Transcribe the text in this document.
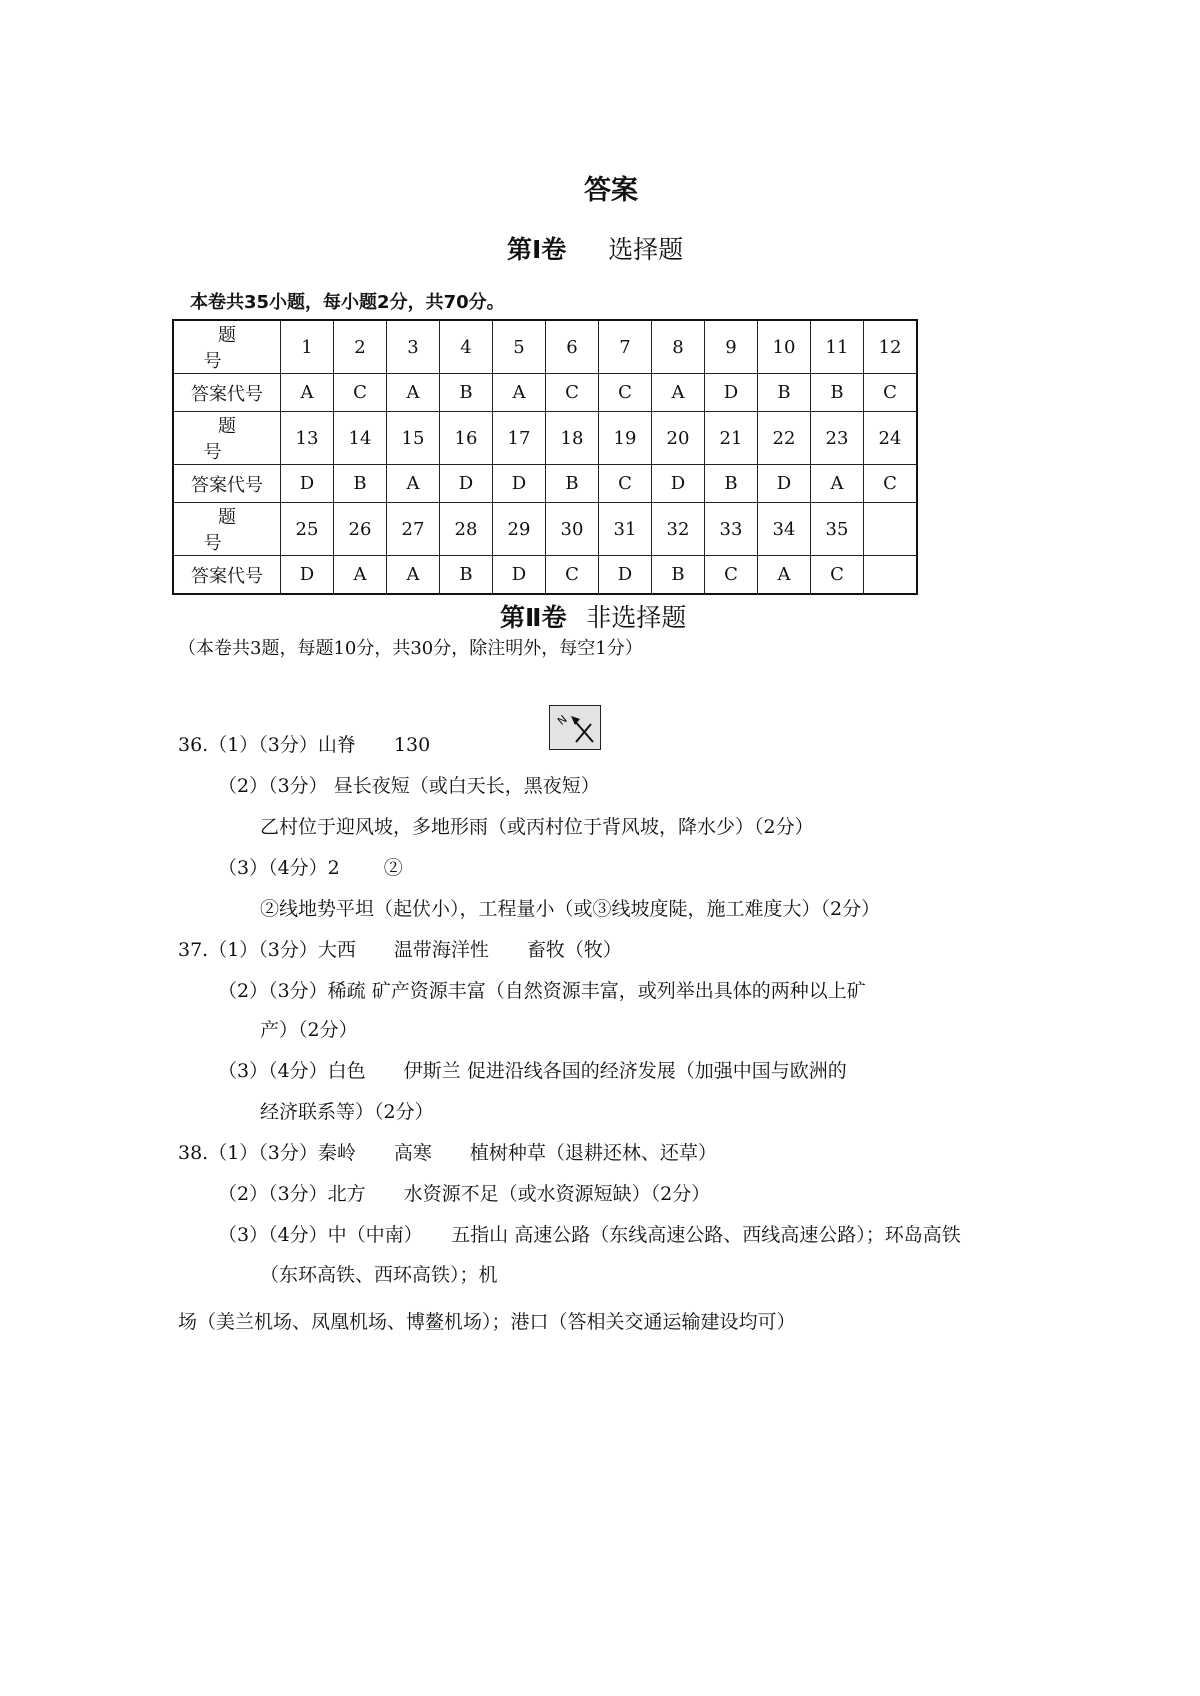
答案
第Ⅰ卷 选择题
本卷共35小题，每小题2分，共70分。
题号	1	2	3	4	5	6	7	8	9	10	11	12
答案代号	A	C	A	B	A	C	C	A	D	B	B	C
题号	13	14	15	16	17	18	19	20	21	22	23	24
答案代号	D	B	A	D	D	B	C	D	B	D	A	C
题号	25	26	27	28	29	30	31	32	33	34	35	
答案代号	D	A	A	B	D	C	D	B	C	A	C	
第Ⅱ卷 非选择题
（本卷共3题，每题10分，共30分，除注明外，每空1分）
N
36.（1）（3分）山脊　　130
（2）（3分） 昼长夜短（或白天长，黑夜短）
乙村位于迎风坡，多地形雨（或丙村位于背风坡，降水少）（2分）
（3）（4分）2　　 ②
②线地势平坦（起伏小），工程量小（或③线坡度陡，施工难度大）（2分）
37.（1）（3分）大西　　温带海洋性　　畜牧（牧）
（2）（3分）稀疏 矿产资源丰富（自然资源丰富，或列举出具体的两种以上矿
产）（2分）
（3）（4分）白色　　伊斯兰 促进沿线各国的经济发展（加强中国与欧洲的
经济联系等）（2分）
38.（1）（3分）秦岭　　高寒　　植树种草（退耕还林、还草）
（2）（3分）北方　　水资源不足（或水资源短缺）（2分）
（3）（4分）中（中南）　　五指山 高速公路（东线高速公路、西线高速公路）；环岛高铁
（东环高铁、西环高铁）；机
场（美兰机场、凤凰机场、博鳌机场）；港口（答相关交通运输建设均可）
